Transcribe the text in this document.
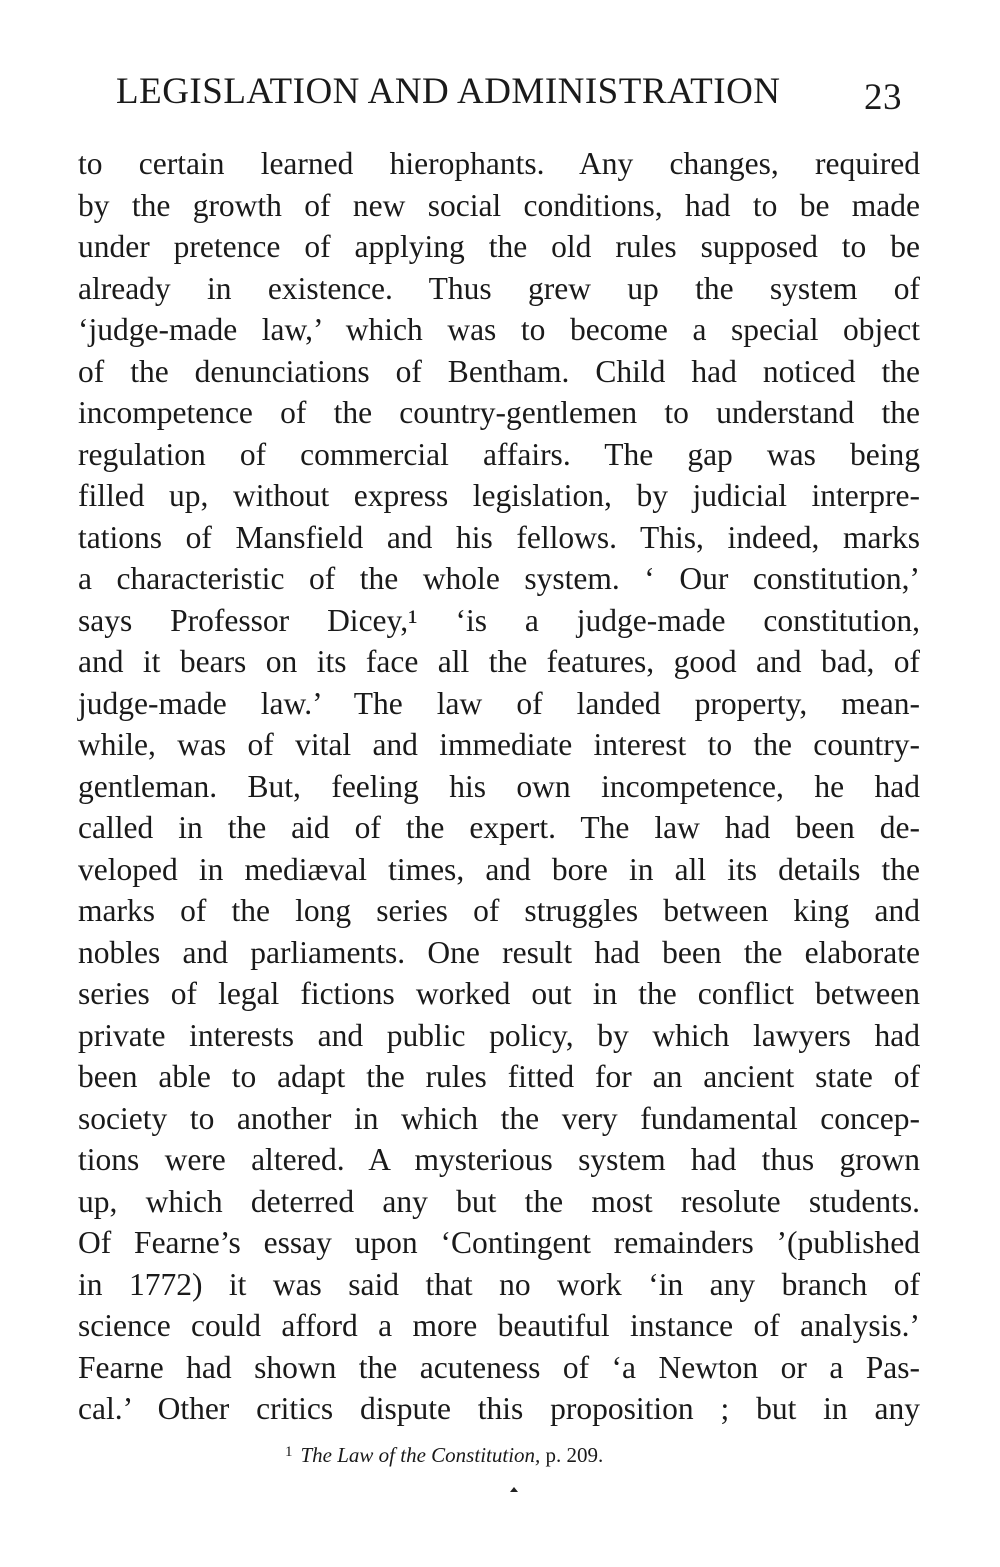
LEGISLATION AND ADMINISTRATION 23
to certain learned hierophants. Any changes, required
by the growth of new social conditions, had to be made
under pretence of applying the old rules supposed to be
already in existence. Thus grew up the system of
‘judge-made law,’ which was to become a special object
of the denunciations of Bentham. Child had noticed the
incompetence of the country-gentlemen to understand the
regulation of commercial affairs. The gap was being
filled up, without express legislation, by judicial interpre-
tations of Mansfield and his fellows. This, indeed, marks
a characteristic of the whole system. ‘ Our constitution,’
says Professor Dicey,¹ ‘is a judge-made constitution,
and it bears on its face all the features, good and bad, of
judge-made law.’ The law of landed property, mean-
while, was of vital and immediate interest to the country-
gentleman. But, feeling his own incompetence, he had
called in the aid of the expert. The law had been de-
veloped in mediæval times, and bore in all its details the
marks of the long series of struggles between king and
nobles and parliaments. One result had been the elaborate
series of legal fictions worked out in the conflict between
private interests and public policy, by which lawyers had
been able to adapt the rules fitted for an ancient state of
society to another in which the very fundamental concep-
tions were altered. A mysterious system had thus grown
up, which deterred any but the most resolute students.
Of Fearne’s essay upon ‘Contingent remainders ’(published
in 1772) it was said that no work ‘in any branch of
science could afford a more beautiful instance of analysis.’
Fearne had shown the acuteness of ‘a Newton or a Pas-
cal.’ Other critics dispute this proposition ; but in any
$^1$ The Law of the Constitution, p. 209.
